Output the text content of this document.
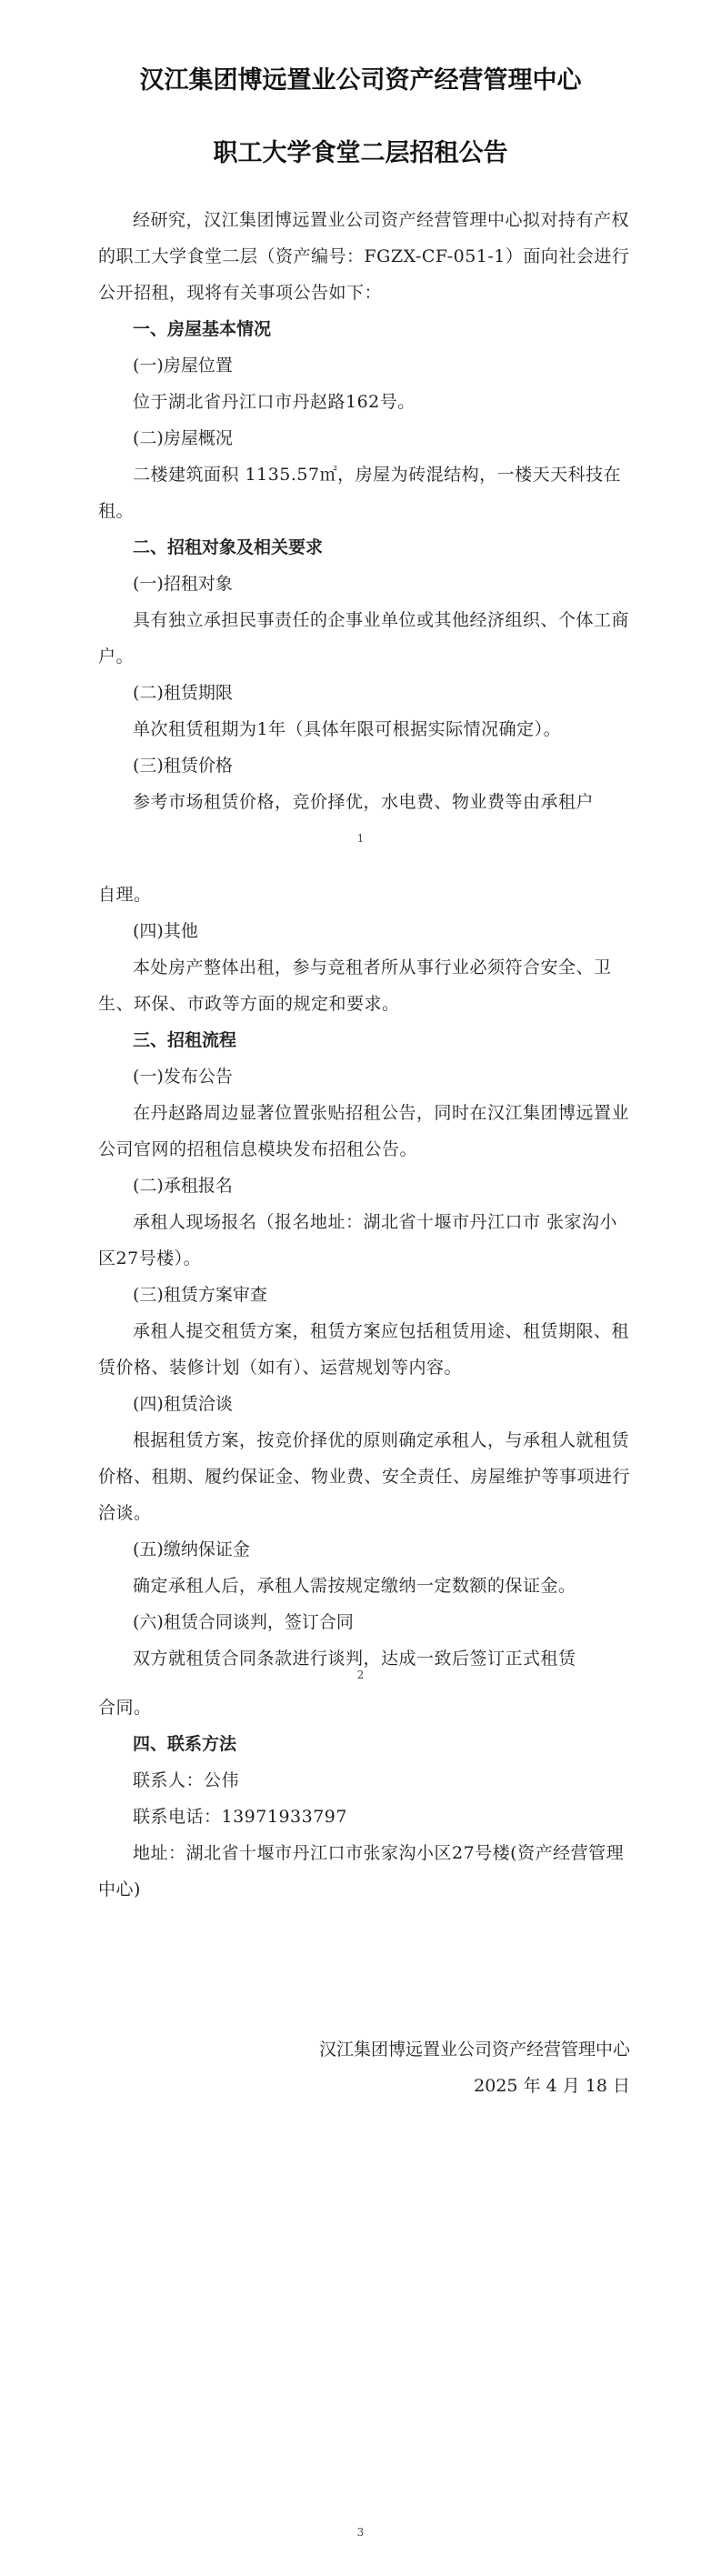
汉江集团博远置业公司资产经营管理中心
职工大学食堂二层招租公告

经研究，汉江集团博远置业公司资产经营管理中心拟对持有产权的职工大学食堂二层（资产编号：FGZX-CF-051-1）面向社会进行公开招租，现将有关事项公告如下：

一、房屋基本情况

(一)房屋位置

位于湖北省丹江口市丹赵路162号。

(二)房屋概况

二楼建筑面积 1135.57㎡，房屋为砖混结构，一楼天天科技在租。

二、招租对象及相关要求

(一)招租对象

具有独立承担民事责任的企事业单位或其他经济组织、个体工商户。

(二)租赁期限

单次租赁租期为1年（具体年限可根据实际情况确定）。

(三)租赁价格

参考市场租赁价格，竞价择优，水电费、物业费等由承租户

1

自理。

(四)其他

本处房产整体出租，参与竞租者所从事行业必须符合安全、卫生、环保、市政等方面的规定和要求。

三、招租流程

(一)发布公告

在丹赵路周边显著位置张贴招租公告，同时在汉江集团博远置业公司官网的招租信息模块发布招租公告。

(二)承租报名

承租人现场报名（报名地址：湖北省十堰市丹江口市 张家沟小区27号楼）。

(三)租赁方案审查

承租人提交租赁方案，租赁方案应包括租赁用途、租赁期限、租赁价格、装修计划（如有）、运营规划等内容。

(四)租赁洽谈

根据租赁方案，按竞价择优的原则确定承租人，与承租人就租赁价格、租期、履约保证金、物业费、安全责任、房屋维护等事项进行洽谈。

(五)缴纳保证金

确定承租人后，承租人需按规定缴纳一定数额的保证金。

(六)租赁合同谈判，签订合同

双方就租赁合同条款进行谈判，达成一致后签订正式租赁

2

合同。

四、联系方法

联系人：公伟

联系电话：13971933797

地址：湖北省十堰市丹江口市张家沟小区27号楼(资产经营管理中心)

汉江集团博远置业公司资产经营管理中心
2025 年 4 月 18 日
3
